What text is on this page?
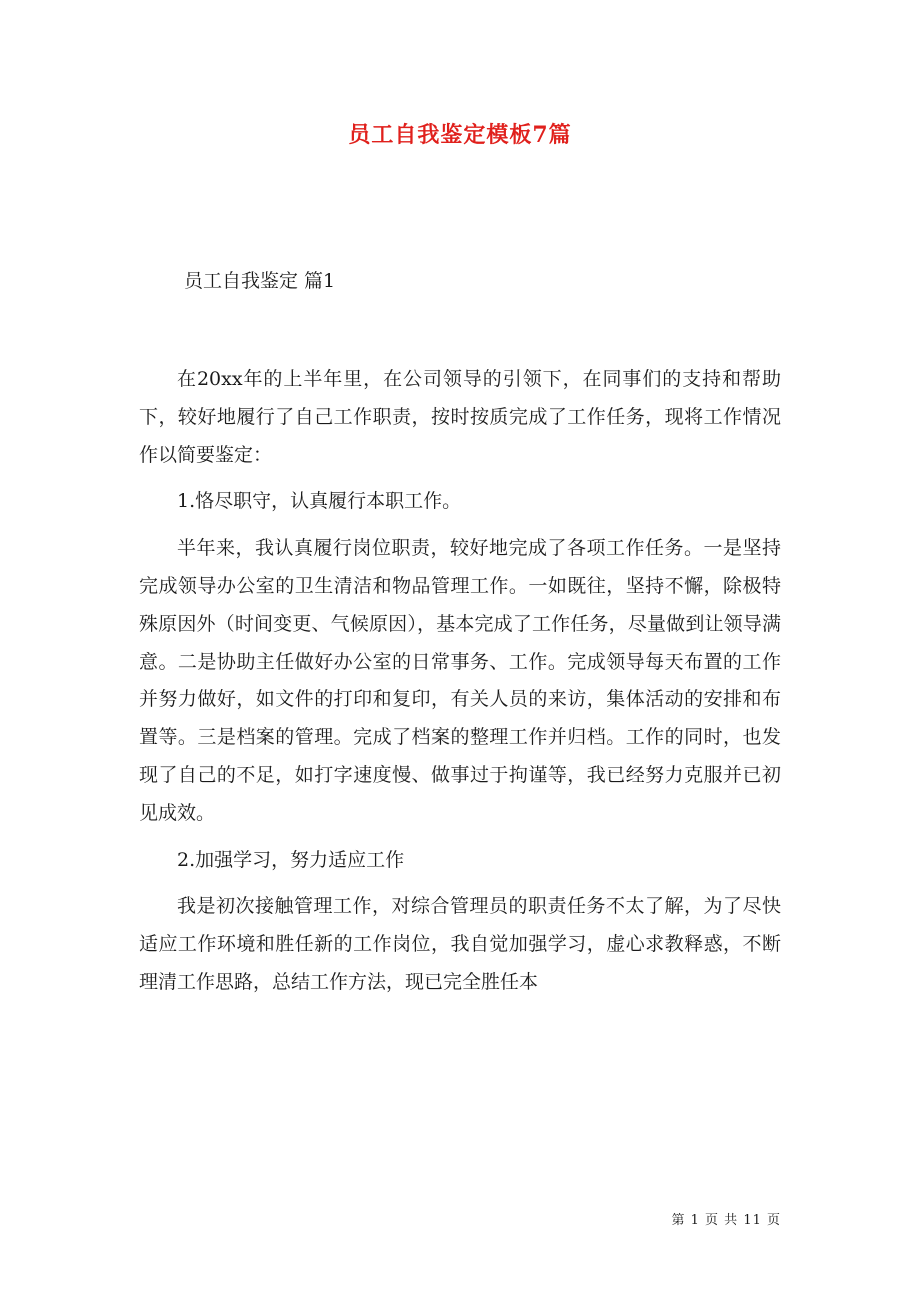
员工自我鉴定模板7篇
员工自我鉴定 篇1

在20xx年的上半年里，在公司领导的引领下，在同事们的支持和帮助下，较好地履行了自己工作职责，按时按质完成了工作任务，现将工作情况作以简要鉴定：

1.恪尽职守，认真履行本职工作。

半年来，我认真履行岗位职责，较好地完成了各项工作任务。一是坚持完成领导办公室的卫生清洁和物品管理工作。一如既往，坚持不懈，除极特殊原因外（时间变更、气候原因），基本完成了工作任务，尽量做到让领导满意。二是协助主任做好办公室的日常事务、工作。完成领导每天布置的工作并努力做好，如文件的打印和复印，有关人员的来访，集体活动的安排和布置等。三是档案的管理。完成了档案的整理工作并归档。工作的同时，也发现了自己的不足，如打字速度慢、做事过于拘谨等，我已经努力克服并已初见成效。

2.加强学习，努力适应工作

我是初次接触管理工作，对综合管理员的职责任务不太了解，为了尽快适应工作环境和胜任新的工作岗位，我自觉加强学习，虚心求教释惑，不断理清工作思路，总结工作方法，现已完全胜任本

第 1 页 共 11 页
